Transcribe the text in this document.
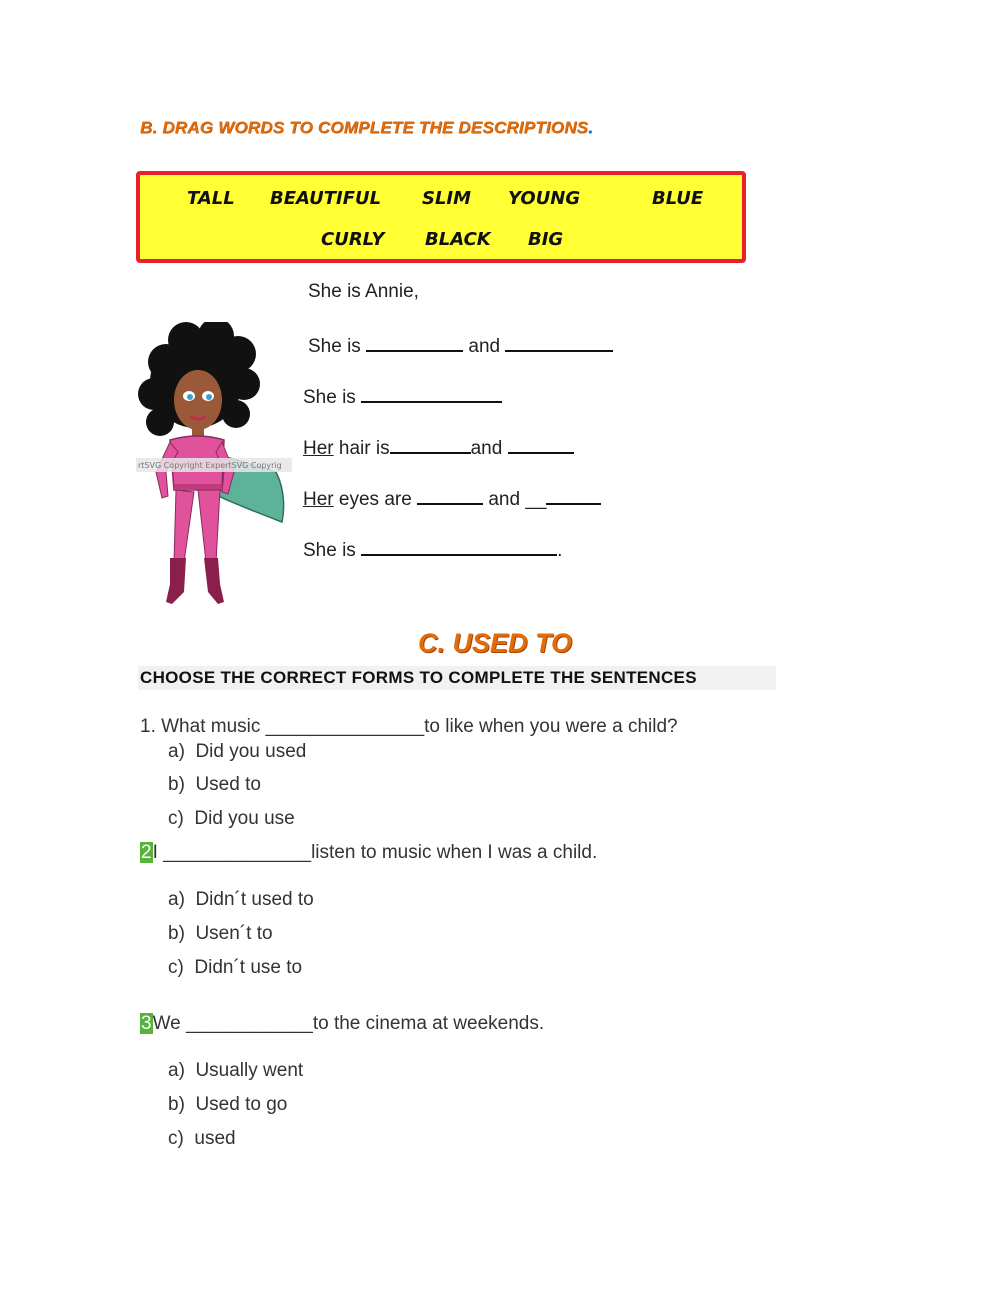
B. DRAG WORDS TO COMPLETE THE DESCRIPTIONS.
TALL BEAUTIFUL SLIM YOUNG	BLUE
CURLY BLACK BIG
rtSVG Copyright ExpertSVG Copyrig
She is Annie,
She is	and
She is
Her hair is	and
Her eyes are	and __
She is	.
C. USED TO
CHOOSE THE CORRECT FORMS TO COMPLETE THE SENTENCES
1. What music _______________to like when you were a child?
a)  Did you used
b)  Used to
c)  Did you use
2I ______________listen to music when I was a child.
a)  Didn´t used to
b)  Usen´t to
c)  Didn´t use to
3We ____________to the cinema at weekends.
a)  Usually went
b)  Used to go
c)  used
